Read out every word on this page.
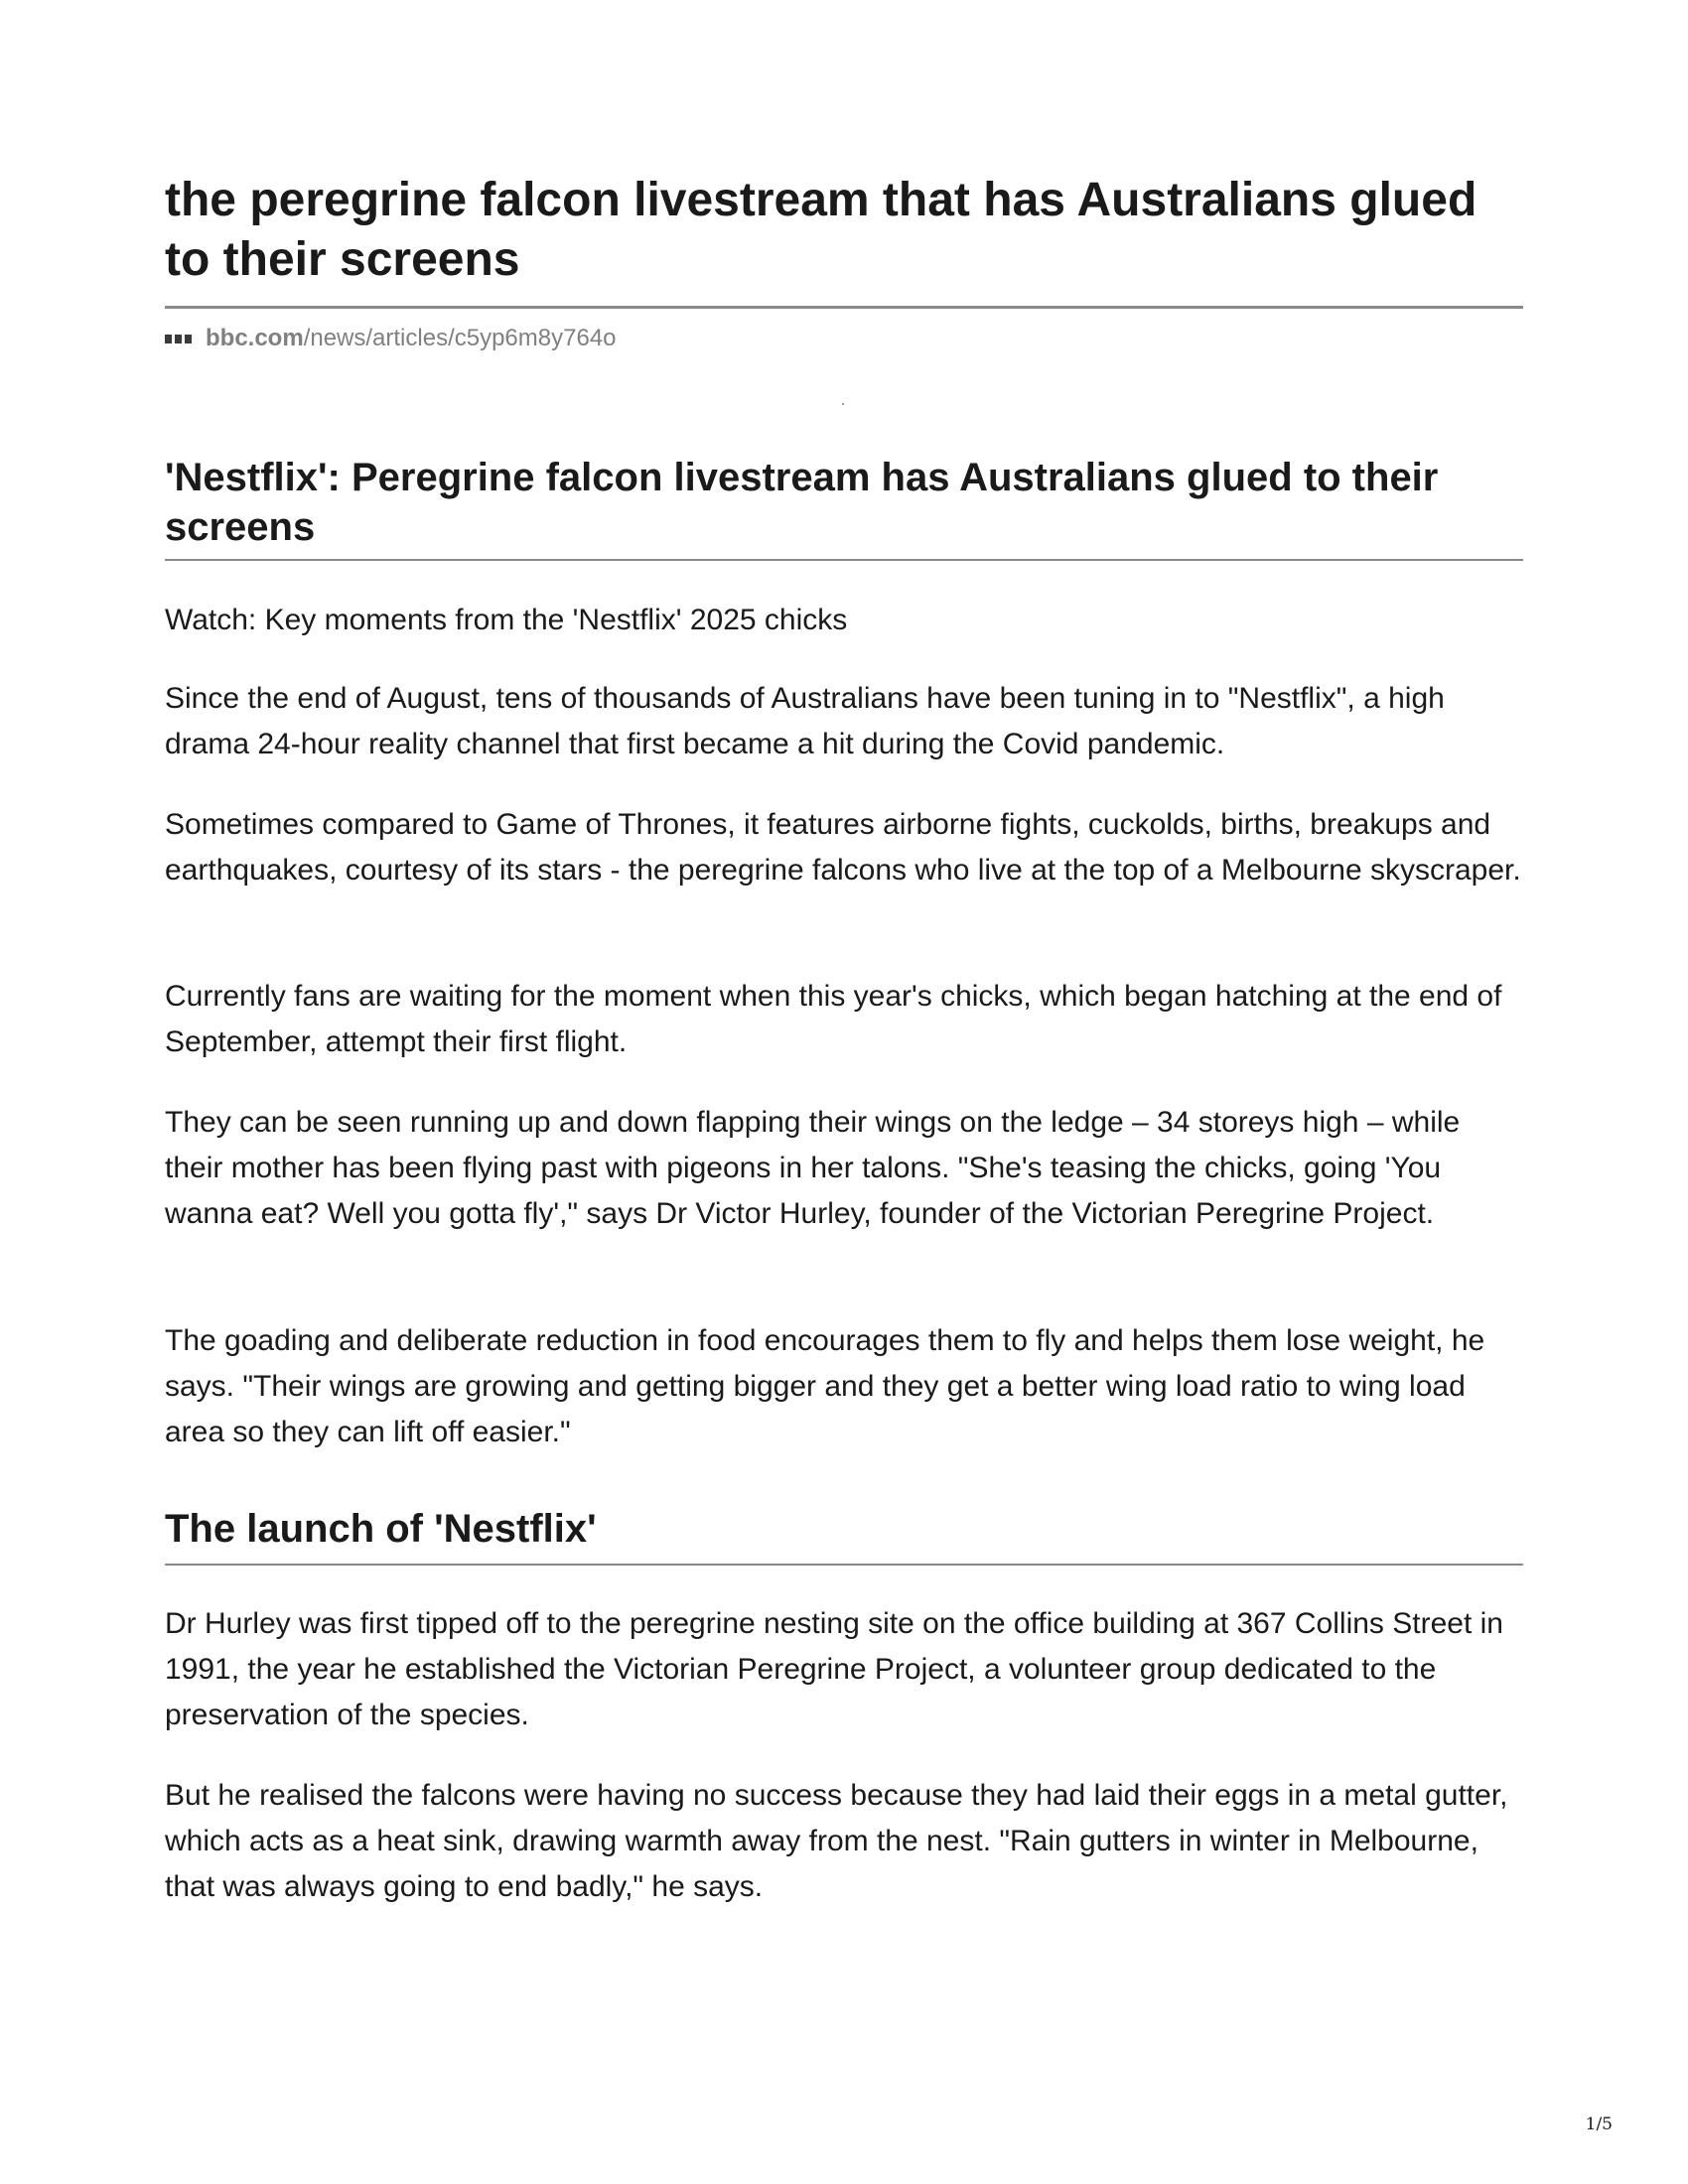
the peregrine falcon livestream that has Australians glued to their screens
bbc.com /news/articles/c5yp6m8y764o
'Nestflix': Peregrine falcon livestream has Australians glued to their screens

Watch: Key moments from the 'Nestflix' 2025 chicks

Since the end of August, tens of thousands of Australians have been tuning in to "Nestflix", a high drama 24-hour reality channel that first became a hit during the Covid pandemic.

Sometimes compared to Game of Thrones, it features airborne fights, cuckolds, births, breakups and earthquakes, courtesy of its stars - the peregrine falcons who live at the top of a Melbourne skyscraper.

Currently fans are waiting for the moment when this year's chicks, which began hatching at the end of September, attempt their first flight.

They can be seen running up and down flapping their wings on the ledge – 34 storeys high – while their mother has been flying past with pigeons in her talons. "She's teasing the chicks, going 'You wanna eat? Well you gotta fly'," says Dr Victor Hurley, founder of the Victorian Peregrine Project.

The goading and deliberate reduction in food encourages them to fly and helps them lose weight, he says. "Their wings are growing and getting bigger and they get a better wing load ratio to wing load area so they can lift off easier."

The launch of 'Nestflix'

Dr Hurley was first tipped off to the peregrine nesting site on the office building at 367 Collins Street in 1991, the year he established the Victorian Peregrine Project, a volunteer group dedicated to the preservation of the species.

But he realised the falcons were having no success because they had laid their eggs in a metal gutter, which acts as a heat sink, drawing warmth away from the nest. "Rain gutters in winter in Melbourne, that was always going to end badly," he says.

1/5
